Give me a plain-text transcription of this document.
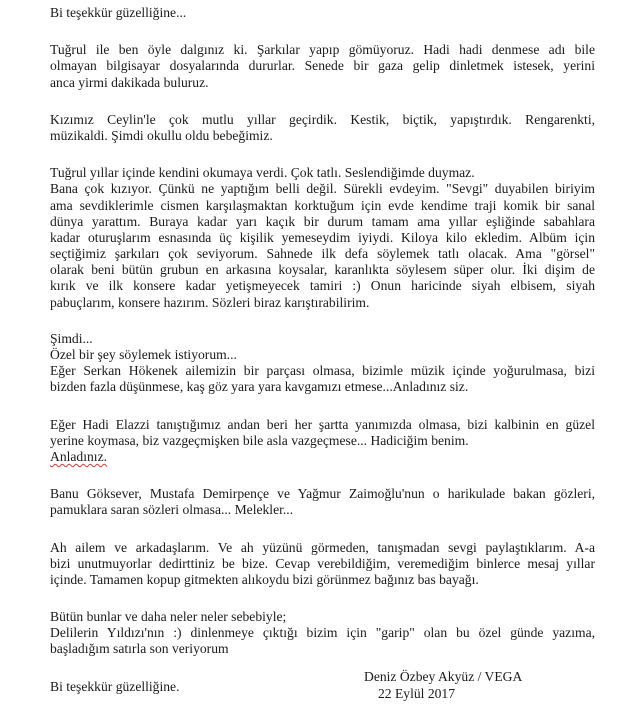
Bi teşekkür güzelliğine...
Tuğrul ile ben öyle dalgınız ki. Şarkılar yapıp gömüyoruz. Hadi hadi denmese adı bile
olmayan bilgisayar dosyalarında dururlar. Senede bir gaza gelip dinletmek istesek, yerini
anca yirmi dakikada buluruz.
Kızımız Ceylin'le çok mutlu yıllar geçirdik. Kestik, biçtik, yapıştırdık. Rengarenkti,
müzikaldi. Şimdi okullu oldu bebeğimiz.
Tuğrul yıllar içinde kendini okumaya verdi. Çok tatlı. Seslendiğimde duymaz.
Bana çok kızıyor. Çünkü ne yaptığım belli değil. Sürekli evdeyim. "Sevgi" duyabilen biriyim
ama sevdiklerimle cismen karşılaşmaktan korktuğum için evde kendime traji komik bir sanal
dünya yarattım. Buraya kadar yarı kaçık bir durum tamam ama yıllar eşliğinde sabahlara
kadar oturuşlarım esnasında üç kişilik yemeseydim iyiydi. Kiloya kilo ekledim. Albüm için
seçtiğimiz şarkıları çok seviyorum. Sahnede ilk defa söylemek tatlı olacak. Ama "görsel"
olarak beni bütün grubun en arkasına koysalar, karanlıkta söylesem süper olur. İki dişim de
kırık ve ilk konsere kadar yetişmeyecek tamiri :) Onun haricinde siyah elbisem, siyah
pabuçlarım, konsere hazırım. Sözleri biraz karıştırabilirim.
Şimdi...
Özel bir şey söylemek istiyorum...
Eğer Serkan Hökenek ailemizin bir parçası olmasa, bizimle müzik içinde yoğurulmasa, bizi
bizden fazla düşünmese, kaş göz yara yara kavgamızı etmese...Anladınız siz.
Eğer Hadi Elazzi tanıştığımız andan beri her şartta yanımızda olmasa, bizi kalbinin en güzel
yerine koymasa, biz vazgeçmişken bile asla vazgeçmese... Hadiciğim benim.
Anladınız.
Banu Göksever, Mustafa Demirpençe ve Yağmur Zaimoğlu'nun o harikulade bakan gözleri,
pamuklara saran sözleri olmasa... Melekler...
Ah ailem ve arkadaşlarım. Ve ah yüzünü görmeden, tanışmadan sevgi paylaştıklarım. A-a
bizi unutmuyorlar dedirttiniz be bize. Cevap verebildiğim, veremediğim binlerce mesaj yıllar
içinde. Tamamen kopup gitmekten alıkoydu bizi görünmez bağınız bas bayağı.
Bütün bunlar ve daha neler neler sebebiyle;
Delilerin Yıldızı'nın :) dinlenmeye çıktığı bizim için "garip" olan bu özel günde yazıma,
başladığım satırla son veriyorum
Bi teşekkür güzelliğine.
Deniz Özbey Akyüz / VEGA
22 Eylül 2017
